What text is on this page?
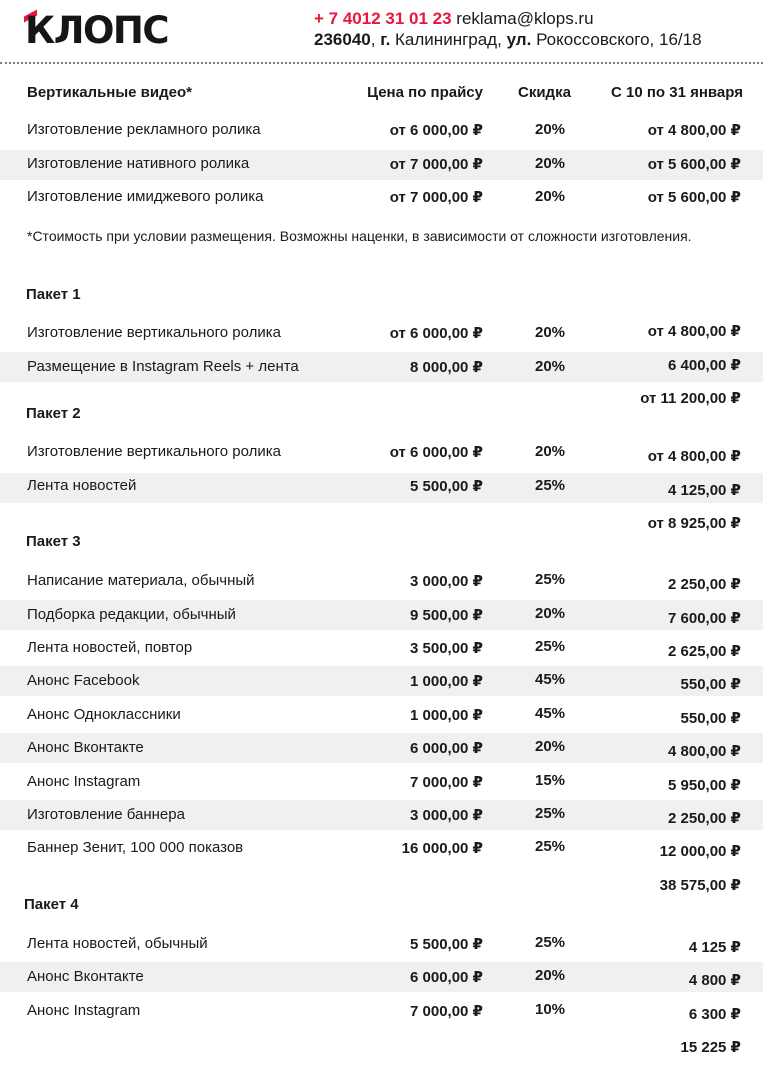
КЛОПС	+ 7 4012 31 01 23 reklama@klops.ru
236040, г. Калининград, ул. Рокоссовского, 16/18
Вертикальные видео*	Цена по прайсу Скидка	С 10 по 31 января
Изготовление рекламного ролика	от 6 000,00 ₽	20%	от 4 800,00 ₽
Изготовление нативного ролика	от 7 000,00 ₽	20%	от 5 600,00 ₽
Изготовление имиджевого ролика	от 7 000,00 ₽	20%	от 5 600,00 ₽
*Стоимость при условии размещения. Возможны наценки, в зависимости от сложности изготовления.
Пакет 1
Изготовление вертикального ролика	от 6 000,00 ₽	20%	от 4 800,00 ₽
Размещение в Instagram Reels + лента	8 000,00 ₽	20%	6 400,00 ₽
от 11 200,00 ₽
Пакет 2
Изготовление вертикального ролика	от 6 000,00 ₽	20%	от 4 800,00 ₽
Лента новостей	5 500,00 ₽	25%	4 125,00 ₽
от 8 925,00 ₽
Пакет 3
Написание материала, обычный	3 000,00 ₽	25%	2 250,00 ₽
Подборка редакции, обычный	9 500,00 ₽	20%	7 600,00 ₽
Лента новостей, повтор	3 500,00 ₽	25%	2 625,00 ₽
Анонс Facebook	1 000,00 ₽	45%	550,00 ₽
Анонс Одноклассники	1 000,00 ₽	45%	550,00 ₽
Анонс Вконтакте	6 000,00 ₽	20%	4 800,00 ₽
Анонс Instagram	7 000,00 ₽	15%	5 950,00 ₽
Изготовление баннера	3 000,00 ₽	25%	2 250,00 ₽
Баннер Зенит, 100 000 показов	16 000,00 ₽	25%	12 000,00 ₽
38 575,00 ₽
Пакет 4
Лента новостей, обычный	5 500,00 ₽	25%	4 125 ₽
Анонс Вконтакте	6 000,00 ₽	20%	4 800 ₽
Анонс Instagram	7 000,00 ₽	10%	6 300 ₽
15 225 ₽
